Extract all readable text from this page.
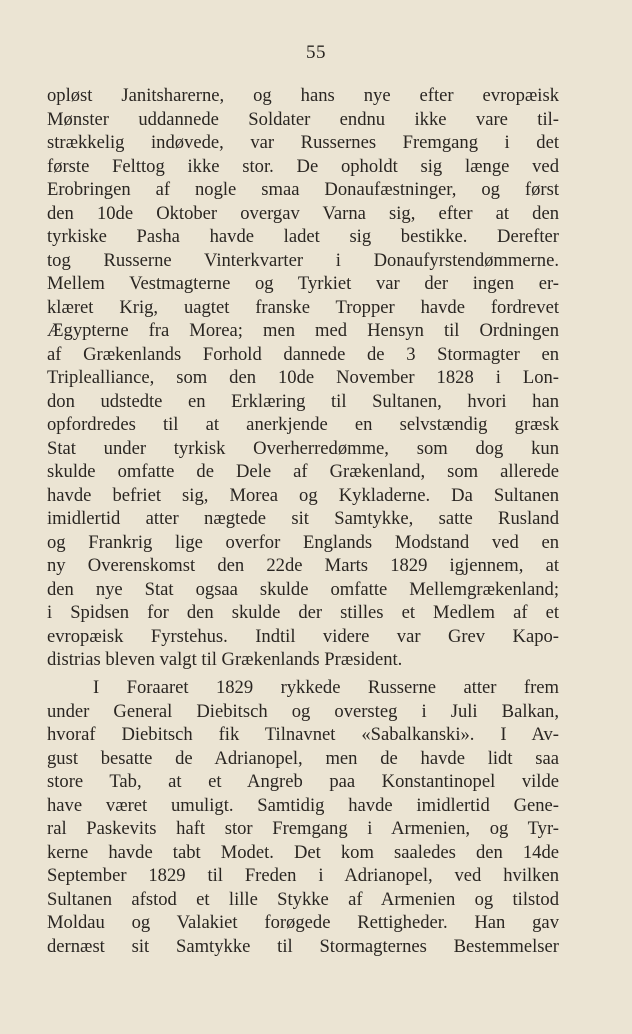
55
opløst Janitsharerne, og hans nye efter evropæisk
Mønster uddannede Soldater endnu ikke vare til-
strækkelig indøvede, var Russernes Fremgang i det
første Felttog ikke stor. De opholdt sig længe ved
Erobringen af nogle smaa Donaufæstninger, og først
den 10de Oktober overgav Varna sig, efter at den
tyrkiske Pasha havde ladet sig bestikke. Derefter
tog Russerne Vinterkvarter i Donaufyrstendømmerne.
Mellem Vestmagterne og Tyrkiet var der ingen er-
klæret Krig, uagtet franske Tropper havde fordrevet
Ægypterne fra Morea; men med Hensyn til Ordningen
af Grækenlands Forhold dannede de 3 Stormagter en
Triplealliance, som den 10de November 1828 i Lon-
don udstedte en Erklæring til Sultanen, hvori han
opfordredes til at anerkjende en selvstændig græsk
Stat under tyrkisk Overherredømme, som dog kun
skulde omfatte de Dele af Grækenland, som allerede
havde befriet sig, Morea og Kykladerne. Da Sultanen
imidlertid atter nægtede sit Samtykke, satte Rusland
og Frankrig lige overfor Englands Modstand ved en
ny Overenskomst den 22de Marts 1829 igjennem, at
den nye Stat ogsaa skulde omfatte Mellemgrækenland;
i Spidsen for den skulde der stilles et Medlem af et
evropæisk Fyrstehus. Indtil videre var Grev Kapo-
distrias bleven valgt til Grækenlands Præsident.
I Foraaret 1829 rykkede Russerne atter frem
under General Diebitsch og oversteg i Juli Balkan,
hvoraf Diebitsch fik Tilnavnet «Sabalkanski». I Av-
gust besatte de Adrianopel, men de havde lidt saa
store Tab, at et Angreb paa Konstantinopel vilde
have været umuligt. Samtidig havde imidlertid Gene-
ral Paskevits haft stor Fremgang i Armenien, og Tyr-
kerne havde tabt Modet. Det kom saaledes den 14de
September 1829 til Freden i Adrianopel, ved hvilken
Sultanen afstod et lille Stykke af Armenien og tilstod
Moldau og Valakiet forøgede Rettigheder. Han gav
dernæst sit Samtykke til Stormagternes Bestemmelser
